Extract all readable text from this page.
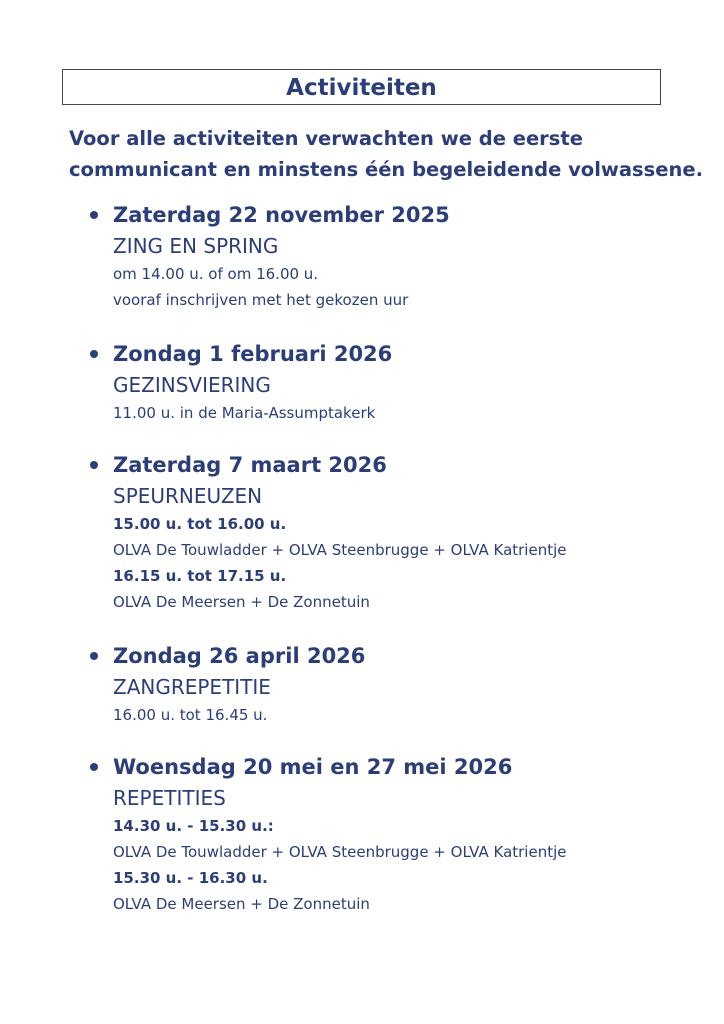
Activiteiten

Voor alle activiteiten verwachten we de eerste communicant en minstens één begeleidende volwassene.

Zaterdag 22 november 2025

ZING EN SPRING

om 14.00 u. of om 16.00 u.

vooraf inschrijven met het gekozen uur

Zondag 1 februari 2026

GEZINSVIERING

11.00 u. in de Maria-Assumptakerk

Zaterdag 7 maart 2026

SPEURNEUZEN

15.00 u. tot 16.00 u.

OLVA De Touwladder + OLVA Steenbrugge + OLVA Katrientje

16.15 u. tot 17.15 u.

OLVA De Meersen + De Zonnetuin

Zondag 26 april 2026

ZANGREPETITIE

16.00 u. tot 16.45 u.

Woensdag 20 mei en 27 mei 2026

REPETITIES

14.30 u. - 15.30 u.:

OLVA De Touwladder + OLVA Steenbrugge + OLVA Katrientje

15.30 u. - 16.30 u.

OLVA De Meersen + De Zonnetuin
